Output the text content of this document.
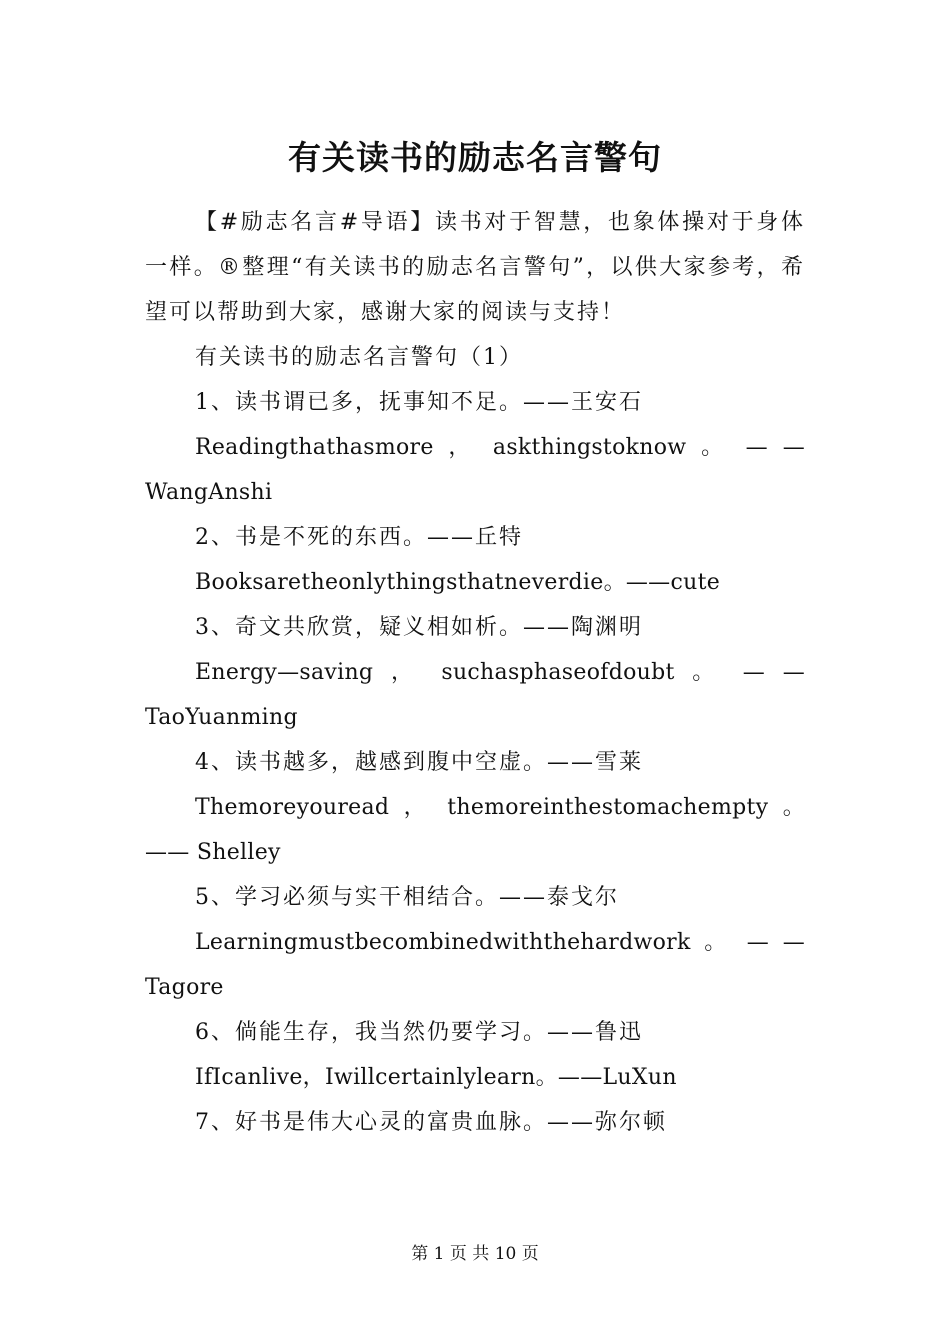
有关读书的励志名言警句

【#励志名言#导语】读书对于智慧，也象体操对于身体一样。®整理“有关读书的励志名言警句”，以供大家参考，希望可以帮助到大家，感谢大家的阅读与支持！

有关读书的励志名言警句（1）

1、读书谓已多，抚事知不足。——王安石

Readingthathasmore ， askthingstoknow 。 — — WangAnshi

2、书是不死的东西。——丘特

Booksaretheonlythingsthatneverdie。——cute

3、奇文共欣赏，疑义相如析。——陶渊明

Energy—saving ， suchasphaseofdoubt 。 — — TaoYuanming

4、读书越多，越感到腹中空虚。——雪莱

Themoreyouread ， themoreinthestomachempty 。 —— Shelley

5、学习必须与实干相结合。——泰戈尔

Learningmustbecombinedwiththehardwork 。 — — Tagore

6、倘能生存，我当然仍要学习。——鲁迅

IfIcanlive，Iwillcertainlylearn。——LuXun

7、好书是伟大心灵的富贵血脉。——弥尔顿

第 1 页 共 10 页
